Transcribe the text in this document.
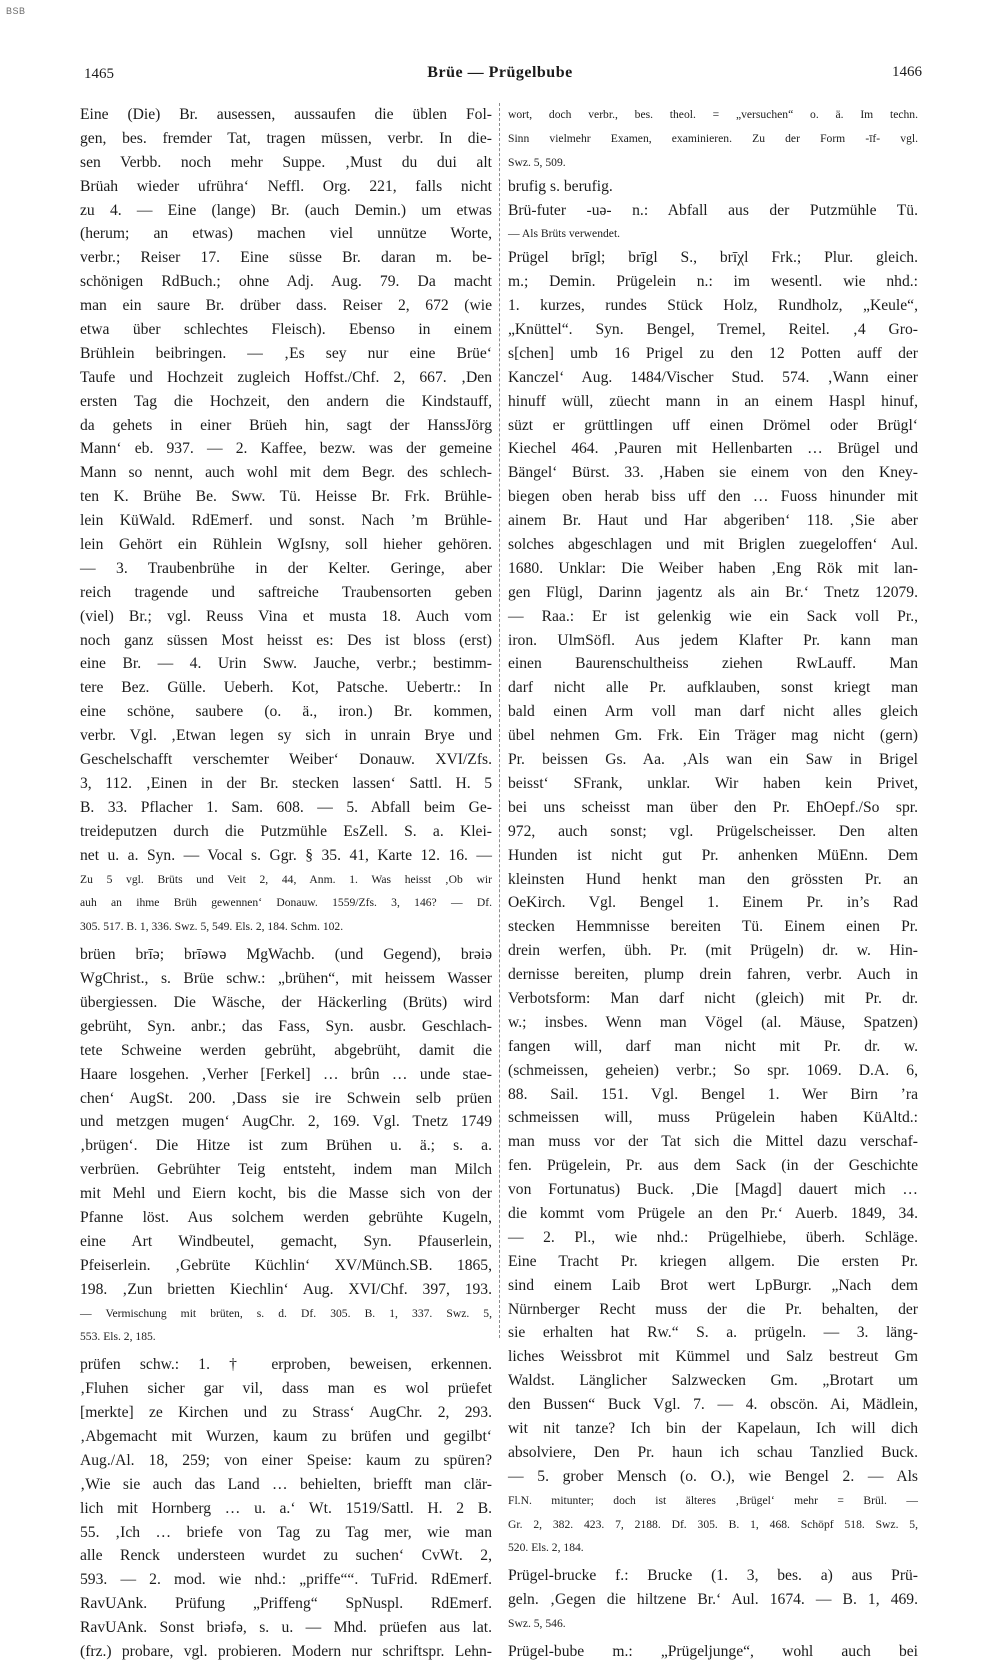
BSB
1465	Brüe — Prügelbube	1466
Eine (Die) Br. ausessen, aussaufen die üblen Fol-
gen, bes. fremder Tat, tragen müssen, verbr. In die-
sen Verbb. noch mehr Suppe. ‚Must du dui alt
Brüah wieder ufrühra‘ Neffl. Org. 221, falls nicht
zu 4. — Eine (lange) Br. (auch Demin.) um etwas
(herum; an etwas) machen viel unnütze Worte,
verbr.; Reiser 17. Eine süsse Br. daran m. be-
schönigen RdBuch.; ohne Adj. Aug. 79. Da macht
man ein saure Br. drüber dass. Reiser 2, 672 (wie
etwa über schlechtes Fleisch). Ebenso in einem
Brühlein beibringen. — ‚Es sey nur eine Brüe‘
Taufe und Hochzeit zugleich Hoffst./Chf. 2, 667. ‚Den
ersten Tag die Hochzeit, den andern die Kindstauff,
da gehets in einer Brüeh hin, sagt der HanssJörg
Mann‘ eb. 937. — 2. Kaffee, bezw. was der gemeine
Mann so nennt, auch wohl mit dem Begr. des schlech-
ten K. Brühe Be. Sww. Tü. Heisse Br. Frk. Brühle-
lein KüWald. RdEmerf. und sonst. Nach ’m Brühle-
lein Gehört ein Rühlein WgIsny, soll hieher gehören.
— 3. Traubenbrühe in der Kelter. Geringe, aber
reich tragende und saftreiche Traubensorten geben
(viel) Br.; vgl. Reuss Vina et musta 18. Auch vom
noch ganz süssen Most heisst es: Des ist bloss (erst)
eine Br. — 4. Urin Sww. Jauche, verbr.; bestimm-
tere Bez. Gülle. Ueberh. Kot, Patsche. Uebertr.: In
eine schöne, saubere (o. ä., iron.) Br. kommen,
verbr. Vgl. ‚Etwan legen sy sich in unrain Brye und
Geschelschafft verschemter Weiber‘ Donauw. XVI/Zfs.
3, 112. ‚Einen in der Br. stecken lassen‘ Sattl. H. 5
B. 33. Pflacher 1. Sam. 608. — 5. Abfall beim Ge-
treideputzen durch die Putzmühle EsZell. S. a. Klei-
net u. a. Syn. — Vocal s. Ggr. § 35. 41, Karte 12. 16. —
Zu 5 vgl. Brüts und Veit 2, 44, Anm. 1. Was heisst ‚Ob wir
auh an ihme Brüh gewennen‘ Donauw. 1559/Zfs. 3, 146? — Df.
305. 517. B. 1, 336. Swz. 5, 549. Els. 2, 184. Schm. 102.
brüen brīə; brīəwə MgWachb. (und Gegend), brəiə
WgChrist., s. Brüe schw.: „brühen“, mit heissem Wasser
übergiessen. Die Wäsche, der Häckerling (Brüts) wird
gebrüht, Syn. anbr.; das Fass, Syn. ausbr. Geschlach-
tete Schweine werden gebrüht, abgebrüht, damit die
Haare losgehen. ‚Verher [Ferkel] … brûn … unde staе-
chen‘ AugSt. 200. ‚Dass sie ire Schwein selb prüen
und metzgen mugen‘ AugChr. 2, 169. Vgl. Tnetz 1749
‚brügen‘. Die Hitze ist zum Brühen u. ä.; s. a.
verbrüen. Gebrühter Teig entsteht, indem man Milch
mit Mehl und Eiern kocht, bis die Masse sich von der
Pfanne löst. Aus solchem werden gebrühte Kugeln,
eine Art Windbeutel, gemacht, Syn. Pfauserlein,
Pfeiserlein. ‚Gebrüte Küchlin‘ XV/Münch.SB. 1865,
198. ‚Zun briettеn Kiechlin‘ Aug. XVI/Chf. 397, 193.
— Vermischung mit brüten, s. d. Df. 305. B. 1, 337. Swz. 5,
553. Els. 2, 185.
prüfen schw.: 1. † erproben, beweisen, erkennen.
‚Fluhen sicher gar vil, dass man es wol prüefet
[merkte] ze Kirchen und zu Strass‘ AugChr. 2, 293.
‚Abgemacht mit Wurzen, kaum zu brüfen und gegilbt‘
Aug./Al. 18, 259; von einer Speise: kaum zu spüren?
‚Wie sie auch das Land … behielten, briefft man clär-
lich mit Hornberg … u. a.‘ Wt. 1519/Sattl. H. 2 B.
55. ‚Ich … briefe von Tag zu Tag mer, wie man
alle Renck understeen wurdet zu suchen‘ CvWt. 2,
593. — 2. mod. wie nhd.: „priffe““. TuFrid. RdEmerf.
RavUAnk. Prüfung „Priffeng“ SpNuspl. RdEmerf.
RavUAnk. Sonst briəfə, s. u. — Mhd. prüefen aus lat.
(frz.) probare, vgl. probieren. Modern nur schriftspr. Lehn-
wort, doch verbr., bes. theol. = „versuchen“ o. ä. Im techn.
Sinn vielmehr Examen, examinieren. Zu der Form -īf- vgl.
Swz. 5, 509.
brufig s. berufig.
Brü-futer -uə- n.: Abfall aus der Putzmühle Tü.
— Als Brüts verwendet.
Prügel brīgl; brīgl S., brīχl Frk.; Plur. gleich.
m.; Demin. Prügelein n.: im wesentl. wie nhd.:
1. kurzes, rundes Stück Holz, Rundholz, „Keule“,
„Knüttel“. Syn. Bengel, Tremel, Reitel. ‚4 Gro-
s[chen] umb 16 Prigel zu den 12 Potten auff der
Kanczel‘ Aug. 1484/Vischer Stud. 574. ‚Wann einer
hinuff wüll, züecht mann in an einem Haspl hinuf,
süzt er grüttlingen uff einen Drömel oder Brügl‘
Kiechel 464. ‚Pauren mit Hellenbarten … Brügel und
Bängel‘ Bürst. 33. ‚Haben sie einem von den Kney-
biegen oben herab biss uff den … Fuoss hinunder mit
ainem Br. Haut und Har abgeriben‘ 118. ‚Sie aber
solches abgeschlagen und mit Briglen zuegeloffen‘ Aul.
1680. Unklar: Die Weiber haben ‚Eng Rök mit lan-
gen Flügl, Darinn jagentz als ain Br.‘ Tnetz 12079.
— Raa.: Er ist gelenkig wie ein Sack voll Pr.,
iron. UlmSöfl. Aus jedem Klafter Pr. kann man
einen Baurenschultheiss ziehen RwLauff. Man
darf nicht alle Pr. aufklauben, sonst kriegt man
bald einen Arm voll man darf nicht alles gleich
übel nehmen Gm. Frk. Ein Träger mag nicht (gern)
Pr. beissen Gs. Aa. ‚Als wan ein Saw in Brigel
beisst‘ SFrank, unklar. Wir haben kein Privet,
bei uns scheisst man über den Pr. EhOepf./So spr.
972, auch sonst; vgl. Prügelscheisser. Den alten
Hunden ist nicht gut Pr. anhenken MüEnn. Dem
kleinsten Hund henkt man den grössten Pr. an
OeKirch. Vgl. Bengel 1. Einem Pr. in’s Rad
stecken Hemmnisse bereiten Tü. Einem einen Pr.
drein werfen, übh. Pr. (mit Prügeln) dr. w. Hin-
dernisse bereiten, plump drein fahren, verbr. Auch in
Verbotsform: Man darf nicht (gleich) mit Pr. dr.
w.; insbes. Wenn man Vögel (al. Mäuse, Spatzen)
fangen will, darf man nicht mit Pr. dr. w.
(schmeissen, geheien) verbr.; So spr. 1069. D.A. 6,
88. Sail. 151. Vgl. Bengel 1. Wer Birn ’ra
schmeissen will, muss Prügelein haben KüAltd.:
man muss vor der Tat sich die Mittel dazu verschaf-
fen. Prügelein, Pr. aus dem Sack (in der Geschichte
von Fortunatus) Buck. ‚Die [Magd] dauert mich …
die kommt vom Prügele an den Pr.‘ Auerb. 1849, 34.
— 2. Pl., wie nhd.: Prügelhiebe, überh. Schläge.
Eine Tracht Pr. kriegen allgem. Die ersten Pr.
sind einem Laib Brot wert LpBurgr. „Nach dem
Nürnberger Recht muss der die Pr. behalten, der
sie erhalten hat Rw.“ S. a. prügeln. — 3. läng-
liches Weissbrot mit Kümmel und Salz bestreut Gm
Waldst. Länglicher Salzwecken Gm. „Brotart um
den Bussen“ Buck Vgl. 7. — 4. obscön. Ai, Mädlein,
wit nit tanze? Ich bin der Kapelaun, Ich will dich
absolviere, Den Pr. haun ich schau Tanzlied Buck.
— 5. grober Mensch (o. O.), wie Bengel 2. — Als
Fl.N. mitunter; doch ist älteres ‚Brügel‘ mehr = Brül. —
Gr. 2, 382. 423. 7, 2188. Df. 305. B. 1, 468. Schöpf 518. Swz. 5,
520. Els. 2, 184.
Prügel-brucke f.: Brucke (1. 3, bes. a) aus Prü-
geln. ‚Gegen die hiltzene Br.‘ Aul. 1674. — B. 1, 469.
Swz. 5, 546.
Prügel-bube m.: „Prügeljunge“, wohl auch bei
